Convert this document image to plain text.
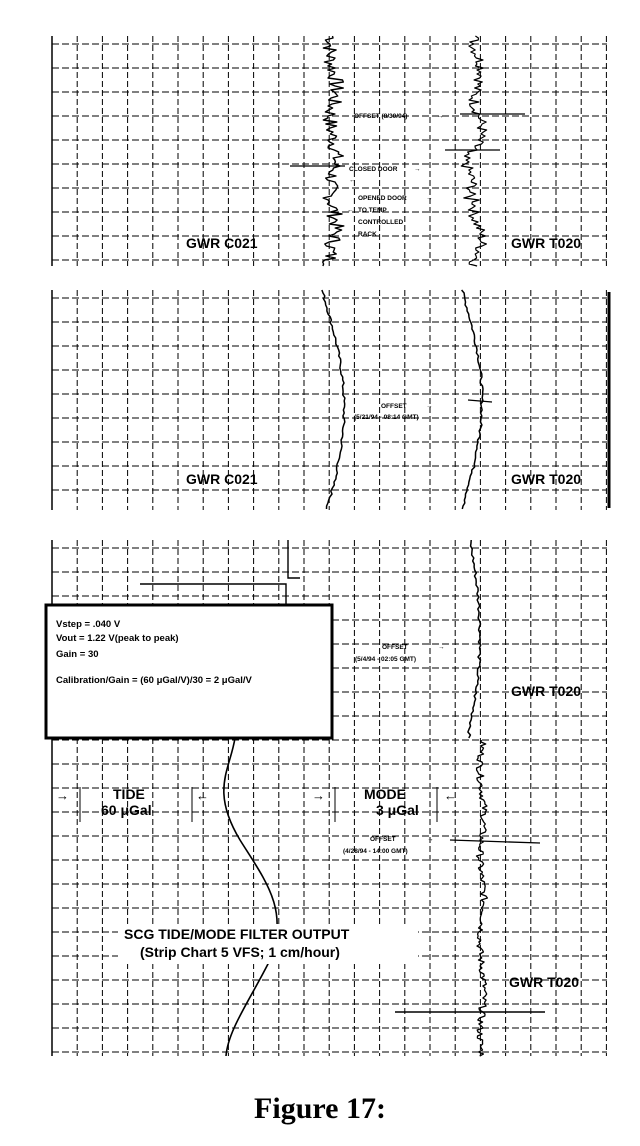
GWR C021	GWR T020
OFFSET (8/30/94)	→
CLOSED DOOR	→
←
OPENED DOOR	→
← TO TEMP
CONTROLLED
RACK
GWR C021	GWR T020
OFFSET	→
(5/21/94 - 08:14 GMT)
Vstep = .040 V
Vout = 1.22 V(peak to peak)
Gain = 30
Calibration/Gain = (60 μGal/V)/30 = 2 μGal/V
OFFSET	→
(5/4/94 - 02:05 GMT)
GWR T020
→	TIDE
60 μGal
←	→	MODE
3 μGal
←
OFFSET	→
(4/28/94 - 14:00 GMT)
SCG TIDE/MODE FILTER OUTPUT
(Strip Chart 5 VFS; 1 cm/hour)
GWR T020
Figure 17:
